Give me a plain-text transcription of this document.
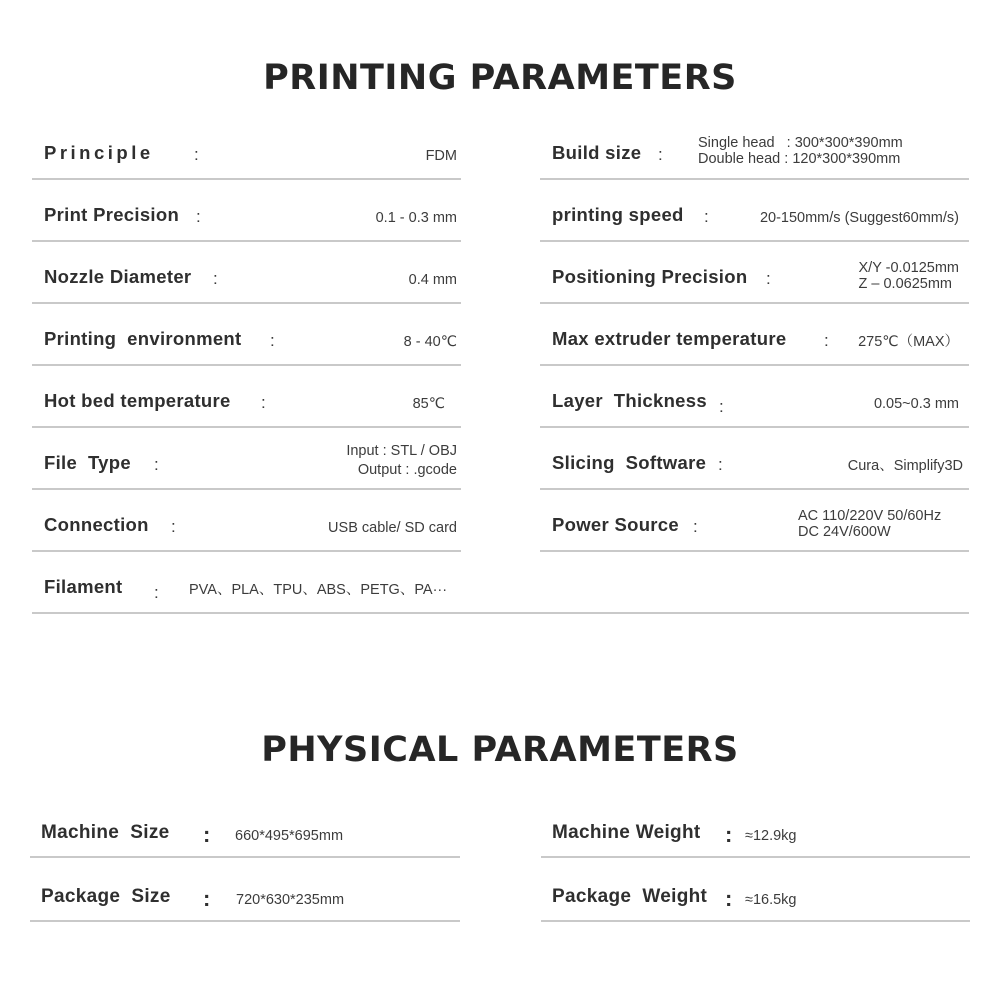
PRINTING PARAMETERS
Principle :	FDM
Print Precision :	0.1 - 0.3 mm
Nozzle Diameter :	0.4 mm
Printing  environment :	8 - 40℃
Hot bed temperature :	85℃
File  Type :
Input : STL / OBJ
Output : .gcode
Connection :	USB cable/ SD card
Filament : PVA、PLA、TPU、ABS、PETG、PA···
Build size :
Single head   : 300*300*390mm
Double head : 120*300*390mm
printing speed :	20-150mm/s (Suggest60mm/s)
Positioning Precision :
X/Y -0.0125mm
Z – 0.0625mm
Max extruder temperature : 275℃（MAX）
Layer  Thickness :	0.05~0.3 mm
Slicing  Software :	Cura、Simplify3D
Power Source :
AC 110/220V 50/60Hz
DC 24V/600W
PHYSICAL PARAMETERS
Machine  Size : 660*495*695mm	Machine Weight : ≈12.9kg
Package  Size : 720*630*235mm	Package  Weight : ≈16.5kg
